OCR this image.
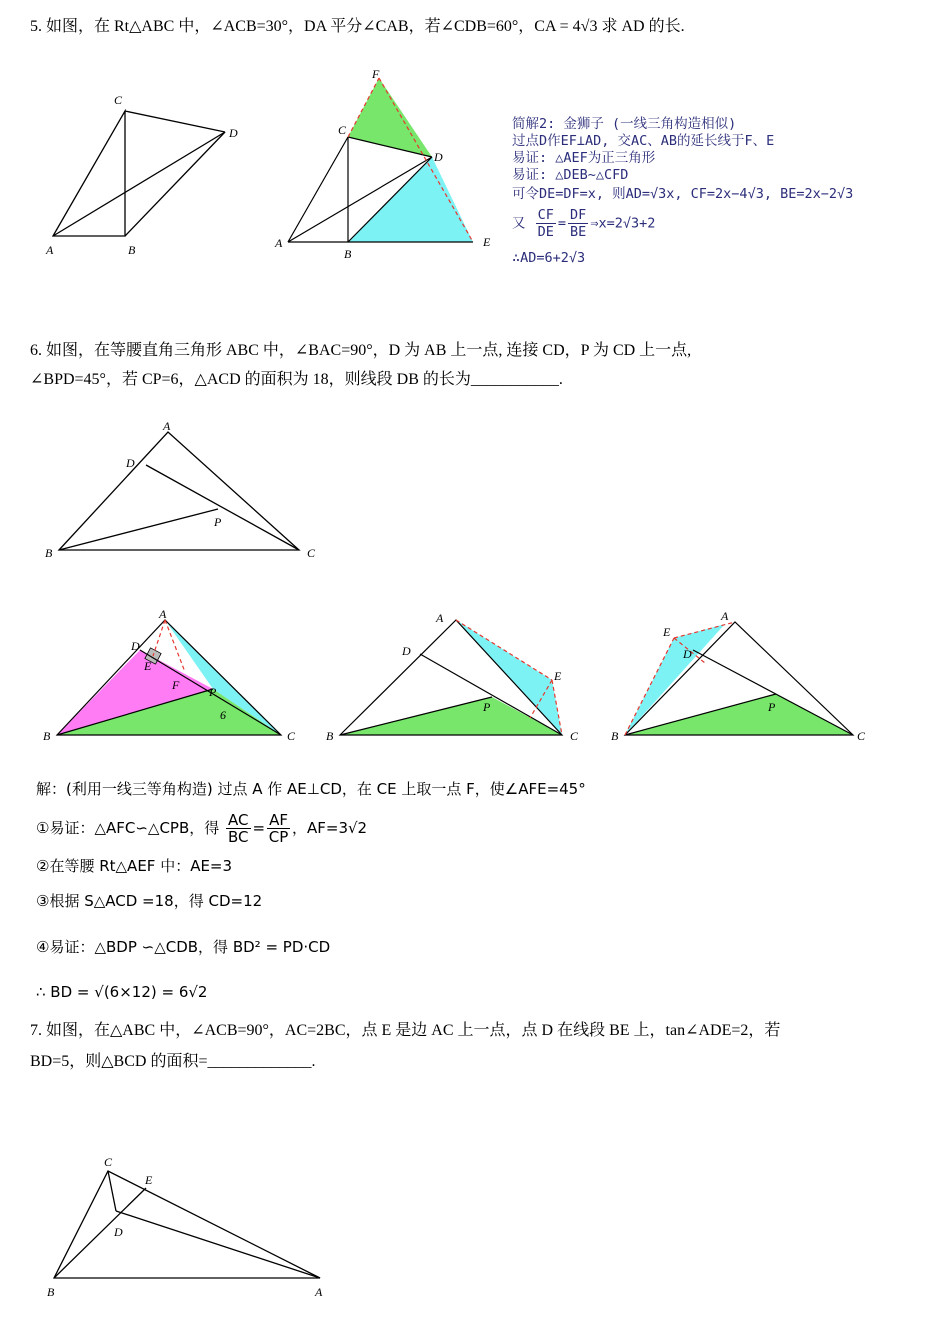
5. 如图，在 Rt△ABC 中，∠ACB=30°，DA 平分∠CAB，若∠CDB=60°，CA = 4√3 求 AD 的长.
C
D
A	B
F
C
D
A
B
E
简解2: 金狮子 (一线三角构造相似)
过点D作EF⊥AD, 交AC、AB的延长线于F、E
易证: △AEF为正三角形
易证: △DEB~△CFD
可令DE=DF=x, 则AD=√3x, CF=2x−4√3, BE=2x−2√3
又 $\frac{CF}{DE} = \frac{DF}{BE}$ ⇒x=2√3+2
∴AD=6+2√3
6. 如图，在等腰直角三角形 ABC 中，∠BAC=90°，D 为 AB 上一点, 连接 CD，P 为 CD 上一点,
∠BPD=45°，若 CP=6，△ACD 的面积为 18，则线段 DB 的长为___________.
A
D
P
B	C
A
D
E
F P
6
B	C
A
D
E
P
B	C
A
E
D
P
B	C
解：(利用一线三等角构造) 过点 A 作 AE⊥CD，在 CE 上取一点 F，使∠AFE=45°
①易证：△AFC∽△CPB，得 $\frac{AC}{BC} = \frac{AF}{CP}$ ，AF=3√2
②在等腰 Rt△AEF 中：AE=3
③根据 S△ACD =18，得 CD=12
④易证：△BDP ∽△CDB，得 BD² = PD·CD
∴ BD = √(6×12) = 6√2
7. 如图，在△ABC 中，∠ACB=90°，AC=2BC，点 E 是边 AC 上一点，点 D 在线段 BE 上，tan∠ADE=2，若
BD=5，则△BCD 的面积=_____________.
C
E
D
B	A
